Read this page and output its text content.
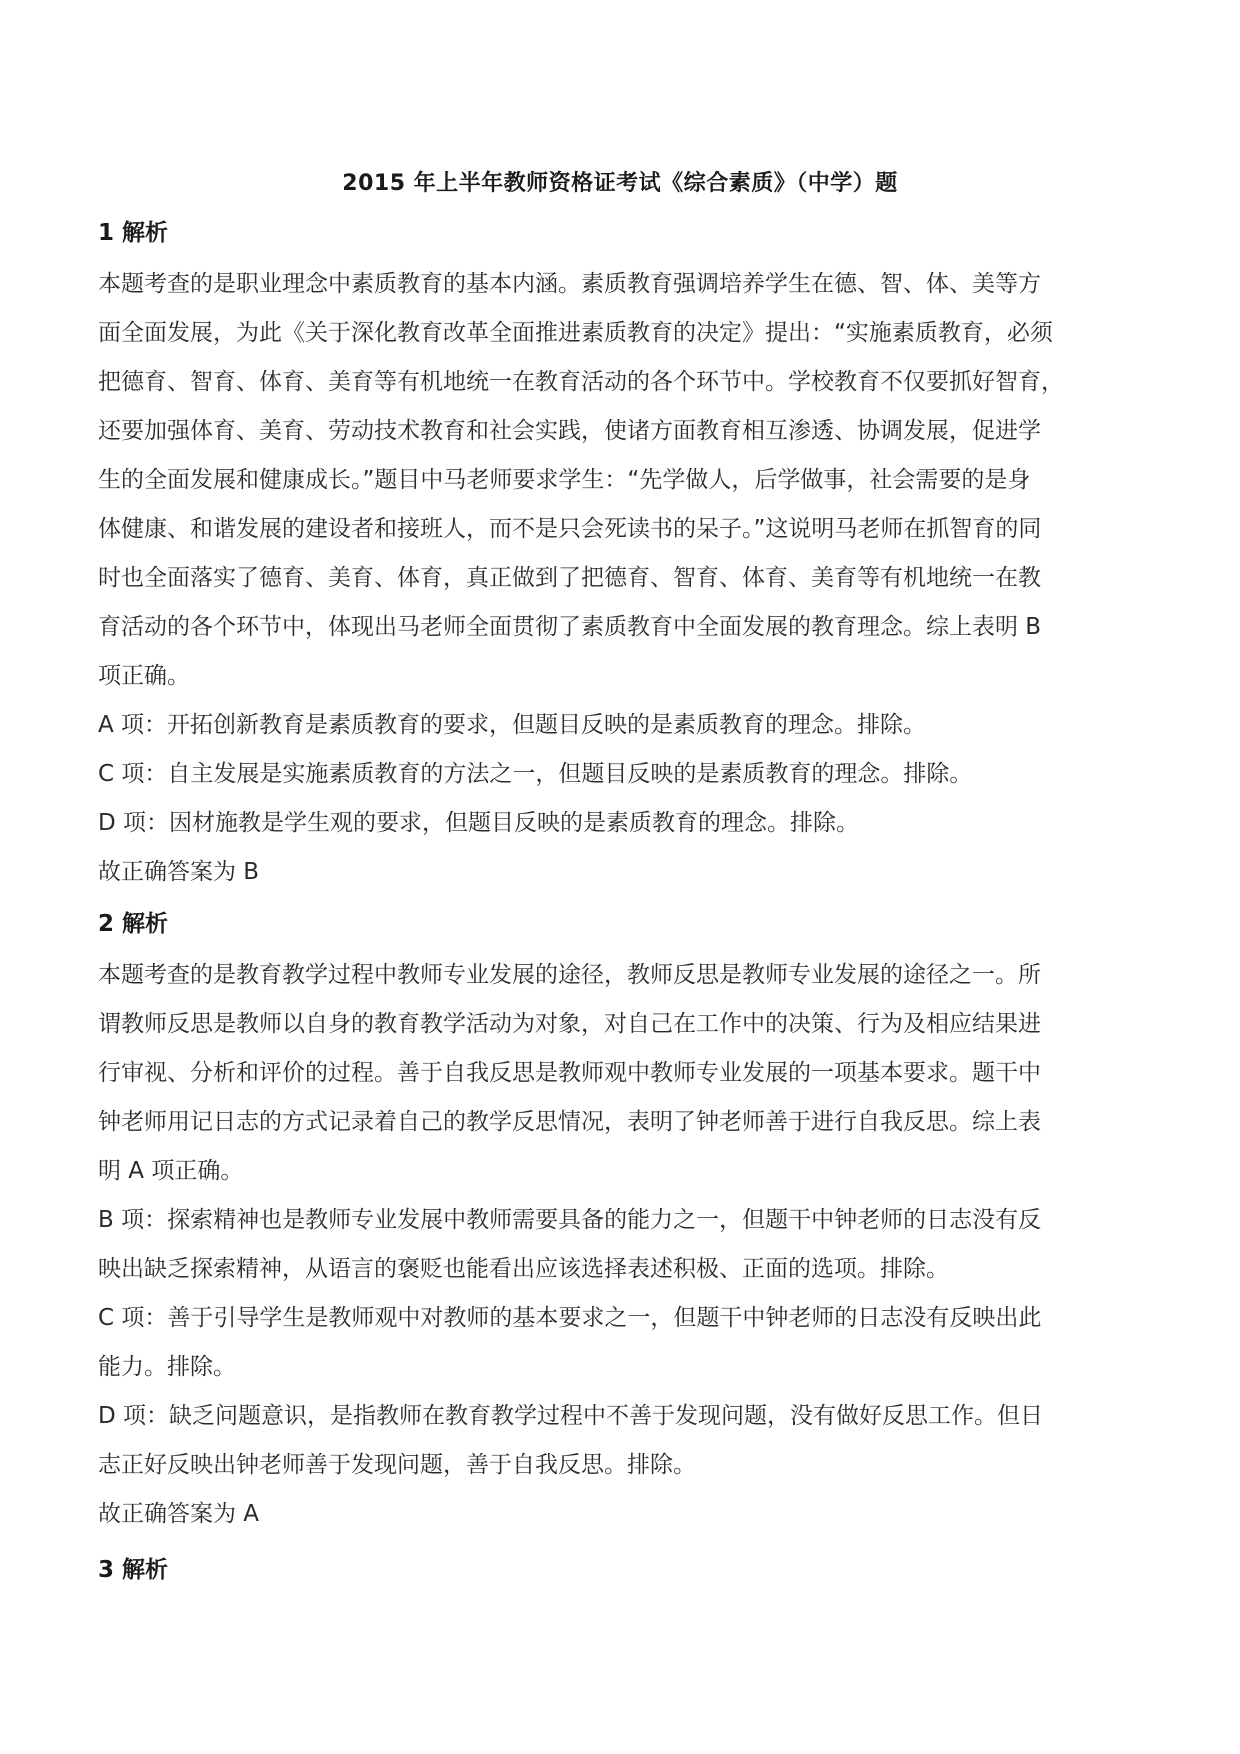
2015 年上半年教师资格证考试《综合素质》（中学）题

1 解析

本题考查的是职业理念中素质教育的基本内涵。素质教育强调培养学生在德、智、体、美等方

面全面发展，为此《关于深化教育改革全面推进素质教育的决定》提出：“实施素质教育，必须

把德育、智育、体育、美育等有机地统一在教育活动的各个环节中。学校教育不仅要抓好智育，

还要加强体育、美育、劳动技术教育和社会实践，使诸方面教育相互渗透、协调发展，促进学

生的全面发展和健康成长。”题目中马老师要求学生：“先学做人，后学做事，社会需要的是身

体健康、和谐发展的建设者和接班人，而不是只会死读书的呆子。”这说明马老师在抓智育的同

时也全面落实了德育、美育、体育，真正做到了把德育、智育、体育、美育等有机地统一在教

育活动的各个环节中，体现出马老师全面贯彻了素质教育中全面发展的教育理念。综上表明 B

项正确。

A 项：开拓创新教育是素质教育的要求，但题目反映的是素质教育的理念。排除。

C 项：自主发展是实施素质教育的方法之一，但题目反映的是素质教育的理念。排除。

D 项：因材施教是学生观的要求，但题目反映的是素质教育的理念。排除。

故正确答案为 B

2 解析

本题考查的是教育教学过程中教师专业发展的途径，教师反思是教师专业发展的途径之一。所

谓教师反思是教师以自身的教育教学活动为对象，对自己在工作中的决策、行为及相应结果进

行审视、分析和评价的过程。善于自我反思是教师观中教师专业发展的一项基本要求。题干中

钟老师用记日志的方式记录着自己的教学反思情况，表明了钟老师善于进行自我反思。综上表

明 A 项正确。

B 项：探索精神也是教师专业发展中教师需要具备的能力之一，但题干中钟老师的日志没有反

映出缺乏探索精神，从语言的褒贬也能看出应该选择表述积极、正面的选项。排除。

C 项：善于引导学生是教师观中对教师的基本要求之一，但题干中钟老师的日志没有反映出此

能力。排除。

D 项：缺乏问题意识，是指教师在教育教学过程中不善于发现问题，没有做好反思工作。但日

志正好反映出钟老师善于发现问题，善于自我反思。排除。

故正确答案为 A

3 解析
